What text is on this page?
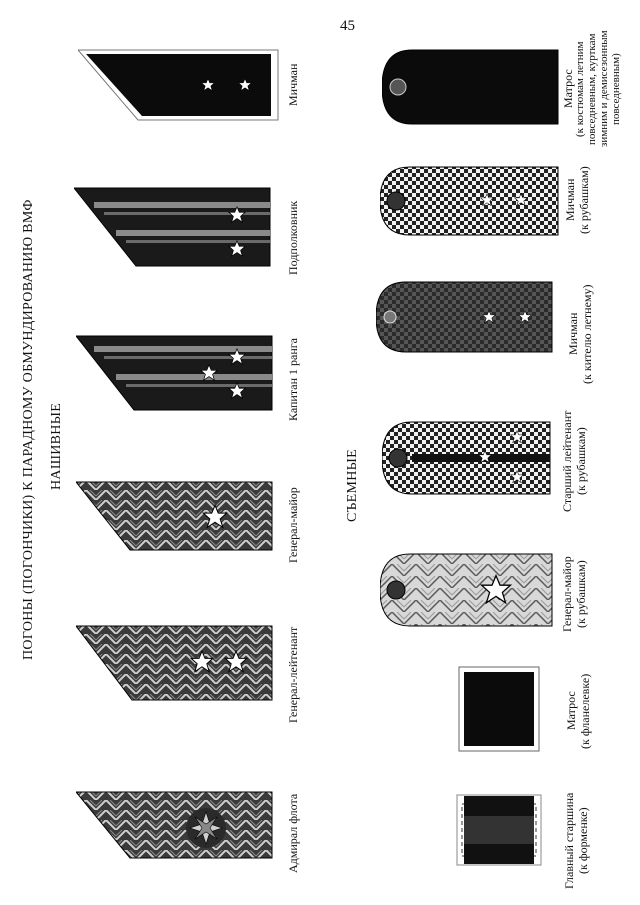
45
ПОГОНЫ (ПОГОНЧИКИ) К ПАРАДНОМУ ОБМУНДИРОВАНИЮ ВМФ НАШИВНЫЕ	СЪЕМНЫЕ
Мичман
Подполковник
Капитан 1 ранга
Генерал-майор
Генерал-лейтенант
Адмирал флота
Матрос (к костюмам летним повседневным, курткам зимним и демисезонным повседневным)
Мичман
(к рубашкам)
Мичман
(к кителю летнему)
Старший лейтенант
(к рубашкам)
Генерал-майор
(к рубашкам)
Матрос
(к фланелевке)
Главный старшина
(к форменке)
